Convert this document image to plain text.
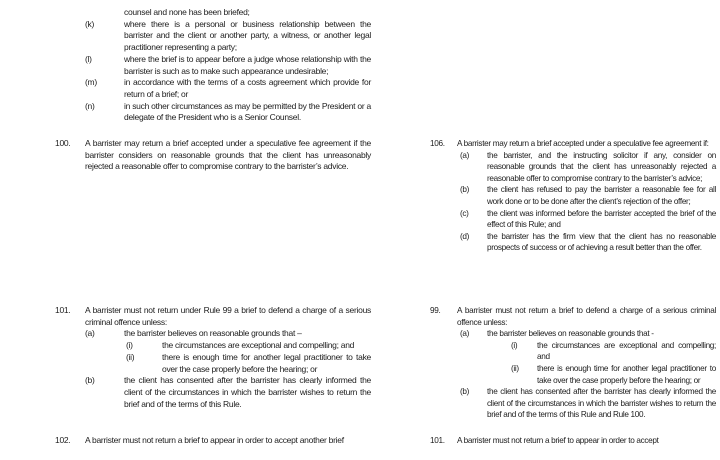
counsel and none has been briefed;
(k)	where there is a personal or business relationship between the barrister and the client or another party, a witness, or another legal practitioner representing a party;
(l)	where the brief is to appear before a judge whose relationship with the barrister is such as to make such appearance undesirable;
(m)	in accordance with the terms of a costs agreement which provide for return of a brief; or
(n)	in such other circumstances as may be permitted by the President or a delegate of the President who is a Senior Counsel.
100. A barrister may return a brief accepted under a speculative fee agreement if the barrister considers on reasonable grounds that the client has unreasonably rejected a reasonable offer to compromise contrary to the barrister’s advice.
106. A barrister may return a brief accepted under a speculative fee agreement if:
(a) the barrister, and the instructing solicitor if any, consider on reasonable grounds that the client has unreasonably rejected a reasonable offer to compromise contrary to the barrister’s advice;
(b) the client has refused to pay the barrister a reasonable fee for all work done or to be done after the client’s rejection of the offer;
(c) the client was informed before the barrister accepted the brief of the effect of this Rule; and
(d) the barrister has the firm view that the client has no reasonable prospects of success or of achieving a result better than the offer.
101. A barrister must not return under Rule 99 a brief to defend a charge of a serious criminal offence unless:
(a)	the barrister believes on reasonable grounds that –
(i)	the circumstances are exceptional and compelling; and
(ii)	there is enough time for another legal practitioner to take over the case properly before the hearing; or
(b)	the client has consented after the barrister has clearly informed the client of the circumstances in which the barrister wishes to return the brief and of the terms of this Rule.
99. A barrister must not return a brief to defend a charge of a serious criminal offence unless:
(a) the barrister believes on reasonable grounds that -
(i) the circumstances are exceptional and compelling; and
(ii) there is enough time for another legal practitioner to take over the case properly before the hearing; or
(b) the client has consented after the barrister has clearly informed the client of the circumstances in which the barrister wishes to return the brief and of the terms of this Rule and Rule 100.
102. A barrister must not return a brief to appear in order to accept another brief	101. A barrister must not return a brief to appear in order to accept
